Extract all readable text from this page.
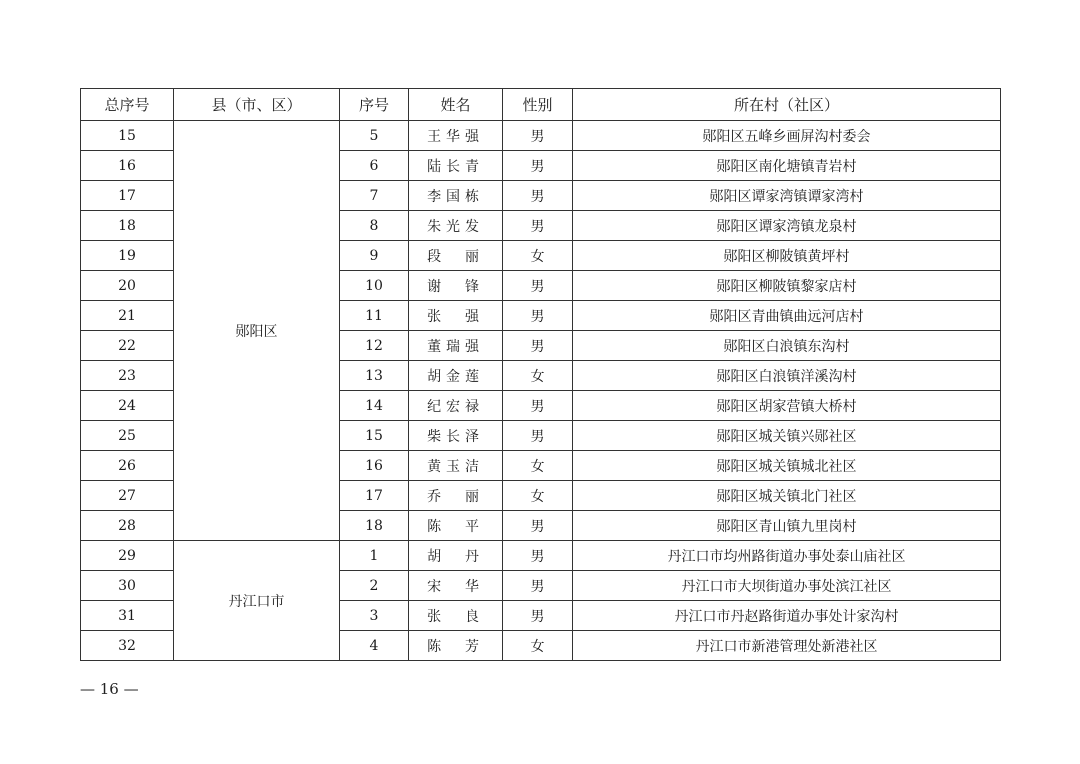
总序号	县（市、区）	序号	姓名	性别	所在村（社区）
15	郧阳区	5	王华强	男	郧阳区五峰乡画屏沟村委会
16		6	陆长青	男	郧阳区南化塘镇青岩村
17		7	李国栋	男	郧阳区谭家湾镇谭家湾村
18		8	朱光发	男	郧阳区谭家湾镇龙泉村
19		9	段　丽	女	郧阳区柳陂镇黄坪村
20		10	谢　锋	男	郧阳区柳陂镇黎家店村
21		11	张　强	男	郧阳区青曲镇曲远河店村
22		12	董瑞强	男	郧阳区白浪镇东沟村
23		13	胡金莲	女	郧阳区白浪镇洋溪沟村
24		14	纪宏禄	男	郧阳区胡家营镇大桥村
25		15	柴长泽	男	郧阳区城关镇兴郧社区
26		16	黄玉洁	女	郧阳区城关镇城北社区
27		17	乔　丽	女	郧阳区城关镇北门社区
28		18	陈　平	男	郧阳区青山镇九里岗村
29	丹江口市	1	胡　丹	男	丹江口市均州路街道办事处泰山庙社区
30		2	宋　华	男	丹江口市大坝街道办事处滨江社区
31		3	张　良	男	丹江口市丹赵路街道办事处计家沟村
32		4	陈　芳	女	丹江口市新港管理处新港社区
— 16 —
